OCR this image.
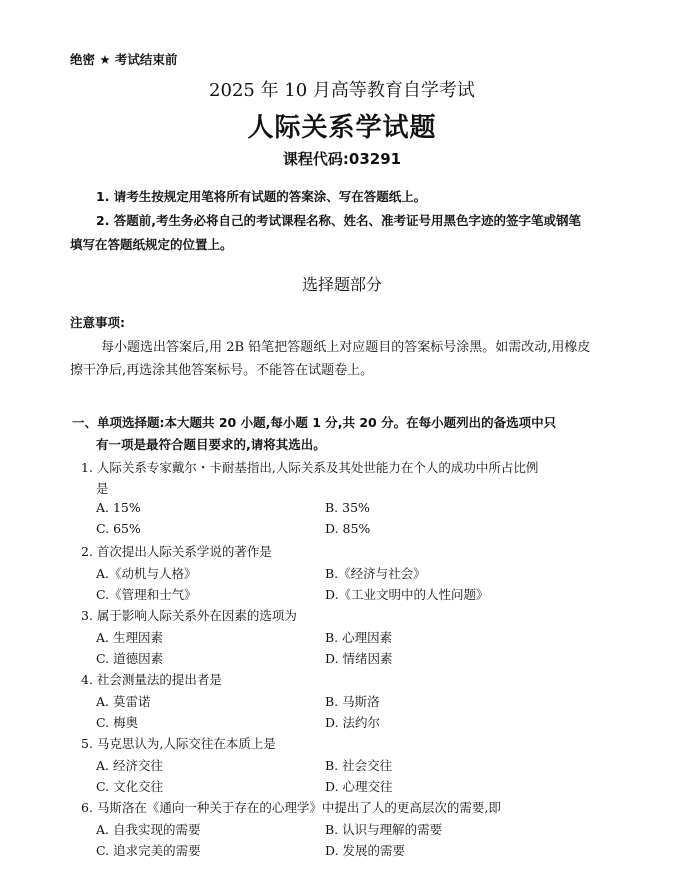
绝密 ★ 考试结束前
2025 年 10 月高等教育自学考试
人际关系学试题
课程代码:03291
1. 请考生按规定用笔将所有试题的答案涂、写在答题纸上。
2. 答题前,考生务必将自己的考试课程名称、姓名、准考证号用黑色字迹的签字笔或钢笔
填写在答题纸规定的位置上。
选择题部分
注意事项:
每小题选出答案后,用 2B 铅笔把答题纸上对应题目的答案标号涂黑。如需改动,用橡皮
擦干净后,再选涂其他答案标号。不能答在试题卷上。
一、单项选择题:本大题共 20 小题,每小题 1 分,共 20 分。在每小题列出的备选项中只
有一项是最符合题目要求的,请将其选出。
1. 人际关系专家戴尔・卡耐基指出,人际关系及其处世能力在个人的成功中所占比例
是
A. 15%	B. 35%
C. 65%	D. 85%
2. 首次提出人际关系学说的著作是
A.《动机与人格》	B.《经济与社会》
C.《管理和士气》	D.《工业文明中的人性问题》
3. 属于影响人际关系外在因素的选项为
A. 生理因素	B. 心理因素
C. 道德因素	D. 情绪因素
4. 社会测量法的提出者是
A. 莫雷诺	B. 马斯洛
C. 梅奥	D. 法约尔
5. 马克思认为,人际交往在本质上是
A. 经济交往	B. 社会交往
C. 文化交往	D. 心理交往
6. 马斯洛在《通向一种关于存在的心理学》中提出了人的更高层次的需要,即
A. 自我实现的需要	B. 认识与理解的需要
C. 追求完美的需要	D. 发展的需要
